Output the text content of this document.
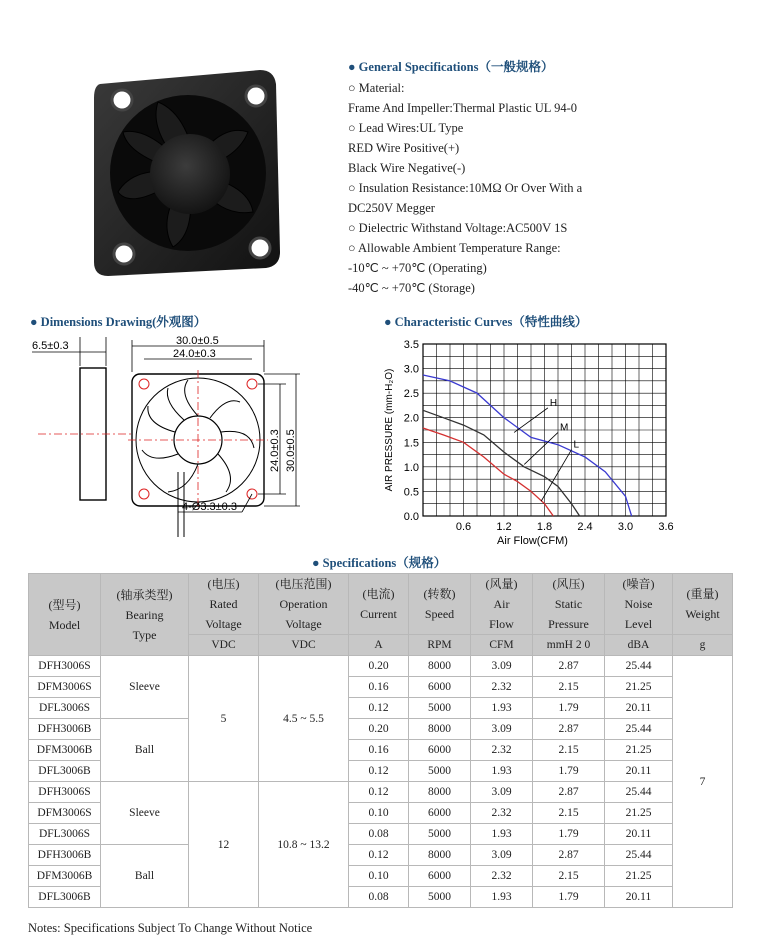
● General Specifications（一般规格）
○ Material:
Frame And Impeller:Thermal Plastic UL 94-0
○ Lead Wires:UL Type
RED Wire Positive(+)
Black Wire Negative(-)
○ Insulation Resistance:10MΩ Or Over With a
DC250V Megger
○ Dielectric Withstand Voltage:AC500V 1S
○ Allowable Ambient Temperature Range:
-10℃ ~ +70℃ (Operating)
-40℃ ~ +70℃ (Storage)
● Dimensions Drawing(外观图）
6.5±0.3	30.0±0.5
24.0±0.3
24.0±0.3 30.0±0.5
4-Ø3.3±0.3
● Characteristic Curves（特性曲线）
0.0
0.5
1.0
1.5
2.0
2.5
3.0
3.5
0.6 1.2 1.8 2.4 3.0 3.6
AIR PRESSURE (mm-H₂O)
Air Flow(CFM)
H
M
L
● Specifications（规格）
(型号)
Model	(轴承类型)
Bearing
Type	(电压)
Rated
Voltage	(电压范围)
Operation
Voltage	(电流)
Current	(转数)
Speed	(风量)
Air
Flow	(风压)
Static
Pressure	(噪音)
Noise
Level	(重量)
Weight
		VDC	VDC	A	RPM	CFM	mmH 2 0	dBA	g
DFH3006S	Sleeve	5	4.5 ~ 5.5	0.20	8000	3.09	2.87	25.44	7
DFM3006S				0.16	6000	2.32	2.15	21.25	
DFL3006S				0.12	5000	1.93	1.79	20.11	
DFH3006B	Ball			0.20	8000	3.09	2.87	25.44	
DFM3006B				0.16	6000	2.32	2.15	21.25	
DFL3006B				0.12	5000	1.93	1.79	20.11	
DFH3006S	Sleeve	12	10.8 ~ 13.2	0.12	8000	3.09	2.87	25.44	
DFM3006S				0.10	6000	2.32	2.15	21.25	
DFL3006S				0.08	5000	1.93	1.79	20.11	
DFH3006B	Ball			0.12	8000	3.09	2.87	25.44	
DFM3006B				0.10	6000	2.32	2.15	21.25	
DFL3006B				0.08	5000	1.93	1.79	20.11	
Notes: Specifications Subject To Change Without Notice
